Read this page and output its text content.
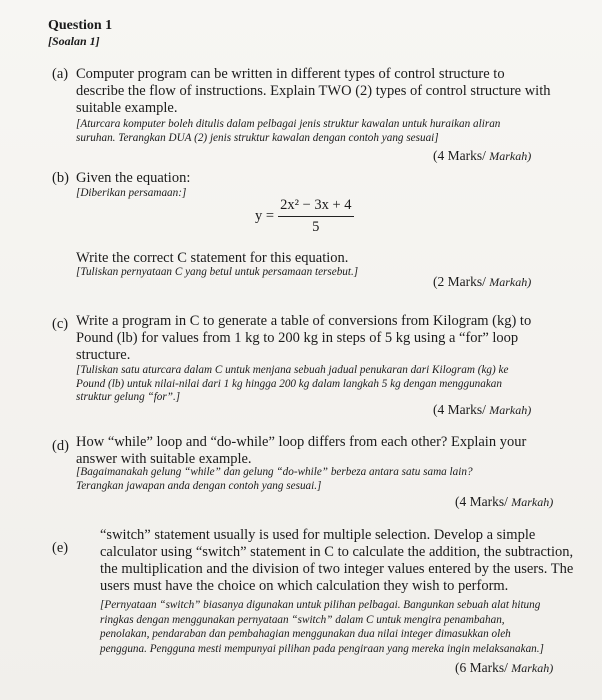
Question 1
[Soalan 1]
(a) Computer program can be written in different types of control structure to
describe the flow of instructions. Explain TWO (2) types of control structure with
suitable example.
[Aturcara komputer boleh ditulis dalam pelbagai jenis struktur kawalan untuk huraikan aliran
suruhan. Terangkan DUA (2) jenis struktur kawalan dengan contoh yang sesuai]
(4 Marks/ Markah)
(b) Given the equation:
[Diberikan persamaan:]
$y = \frac{\text{2x² − 3x + 4}}{5}$
Write the correct C statement for this equation.
[Tuliskan pernyataan C yang betul untuk persamaan tersebut.]
(2 Marks/ Markah)
(c) Write a program in C to generate a table of conversions from Kilogram (kg) to
Pound (lb) for values from 1 kg to 200 kg in steps of 5 kg using a “for” loop
structure.
[Tuliskan satu aturcara dalam C untuk menjana sebuah jadual penukaran dari Kilogram (kg) ke
Pound (lb) untuk nilai-nilai dari 1 kg hingga 200 kg dalam langkah 5 kg dengan menggunakan
struktur gelung “for”.]
(4 Marks/ Markah)
(d) How “while” loop and “do-while” loop differs from each other? Explain your
answer with suitable example.
[Bagaimanakah gelung “while” dan gelung “do-while” berbeza antara satu sama lain?
Terangkan jawapan anda dengan contoh yang sesuai.]
(4 Marks/ Markah)
(e)
“switch” statement usually is used for multiple selection. Develop a simple
calculator using “switch” statement in C to calculate the addition, the subtraction,
the multiplication and the division of two integer values entered by the users. The
users must have the choice on which calculation they wish to perform.
[Pernyataan “switch” biasanya digunakan untuk pilihan pelbagai. Bangunkan sebuah alat hitung
ringkas dengan menggunakan pernyataan “switch” dalam C untuk mengira penambahan,
penolakan, pendaraban dan pembahagian menggunakan dua nilai integer dimasukkan oleh
pengguna. Pengguna mesti mempunyai pilihan pada pengiraan yang mereka ingin melaksanakan.]
(6 Marks/ Markah)
